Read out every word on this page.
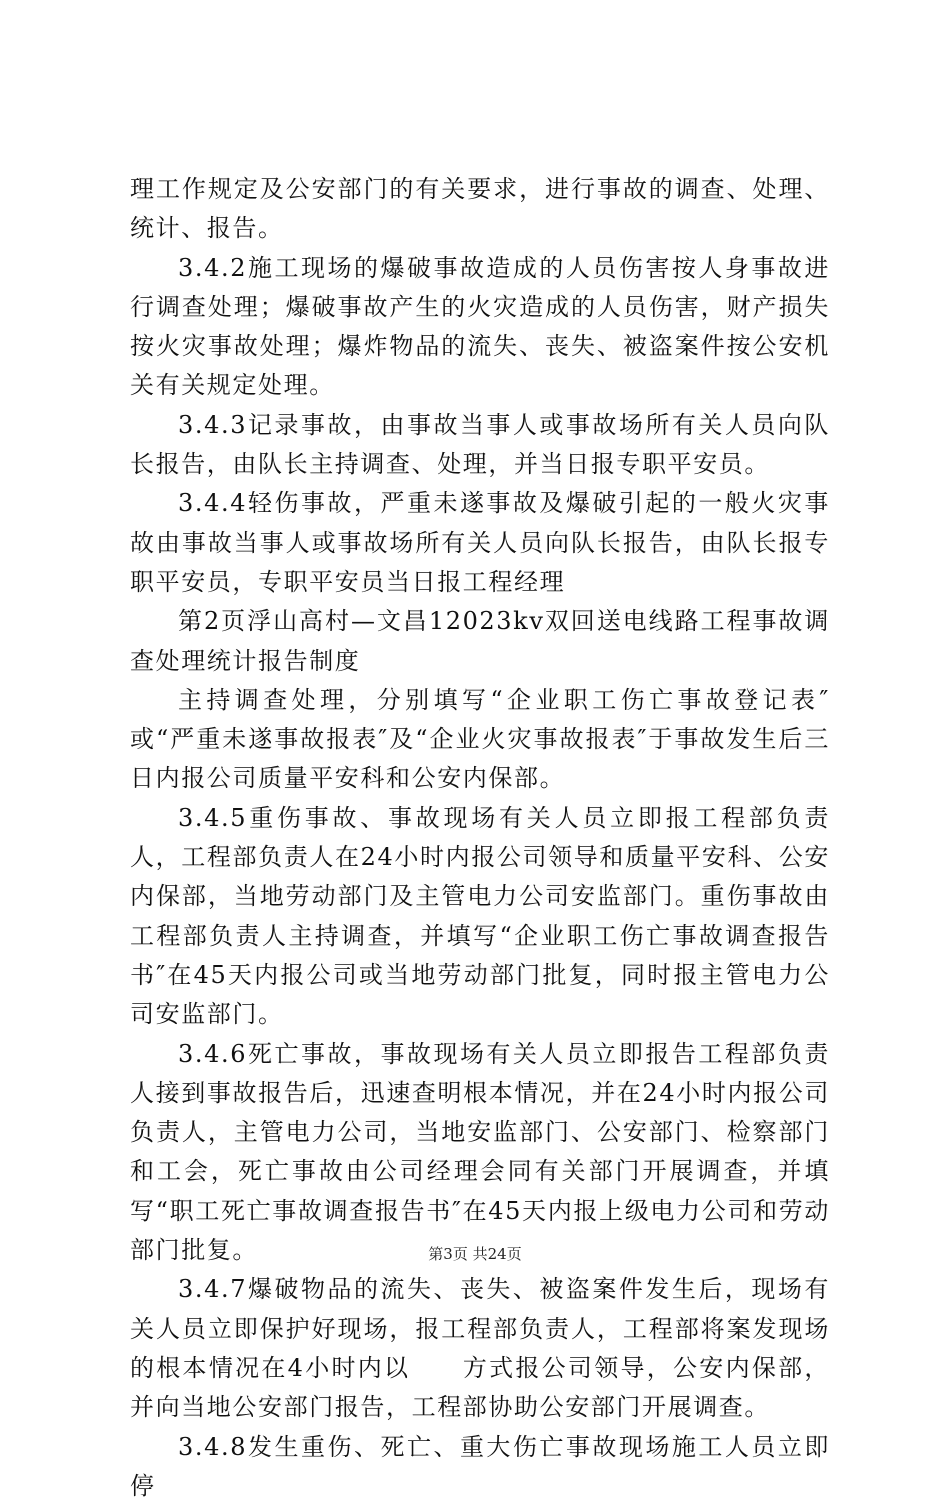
理工作规定及公安部门的有关要求，进行事故的调查、处理、统计、报告。

3.4.2施工现场的爆破事故造成的人员伤害按人身事故进行调查处理；爆破事故产生的火灾造成的人员伤害，财产损失按火灾事故处理；爆炸物品的流失、丧失、被盗案件按公安机关有关规定处理。

3.4.3记录事故，由事故当事人或事故场所有关人员向队长报告，由队长主持调查、处理，并当日报专职平安员。

3.4.4轻伤事故，严重未遂事故及爆破引起的一般火灾事故由事故当事人或事故场所有关人员向队长报告，由队长报专职平安员，专职平安员当日报工程经理

第2页浮山高村—文昌12023kv双回送电线路工程事故调查处理统计报告制度

主持调查处理，分别填写“企业职工伤亡事故登记表″或“严重未遂事故报表″及“企业火灾事故报表″于事故发生后三日内报公司质量平安科和公安内保部。

3.4.5重伤事故、事故现场有关人员立即报工程部负责人，工程部负责人在24小时内报公司领导和质量平安科、公安内保部，当地劳动部门及主管电力公司安监部门。重伤事故由工程部负责人主持调查，并填写“企业职工伤亡事故调查报告书″在45天内报公司或当地劳动部门批复，同时报主管电力公司安监部门。

3.4.6死亡事故，事故现场有关人员立即报告工程部负责人接到事故报告后，迅速查明根本情况，并在24小时内报公司负责人，主管电力公司，当地安监部门、公安部门、检察部门和工会，死亡事故由公司经理会同有关部门开展调查，并填写“职工死亡事故调查报告书″在45天内报上级电力公司和劳动部门批复。

3.4.7爆破物品的流失、丧失、被盗案件发生后，现场有关人员立即保护好现场，报工程部负责人，工程部将案发现场的根本情况在4小时内以　　方式报公司领导，公安内保部，并向当地公安部门报告，工程部协助公安部门开展调查。

3.4.8发生重伤、死亡、重大伤亡事故现场施工人员立即停

第3页 共24页
